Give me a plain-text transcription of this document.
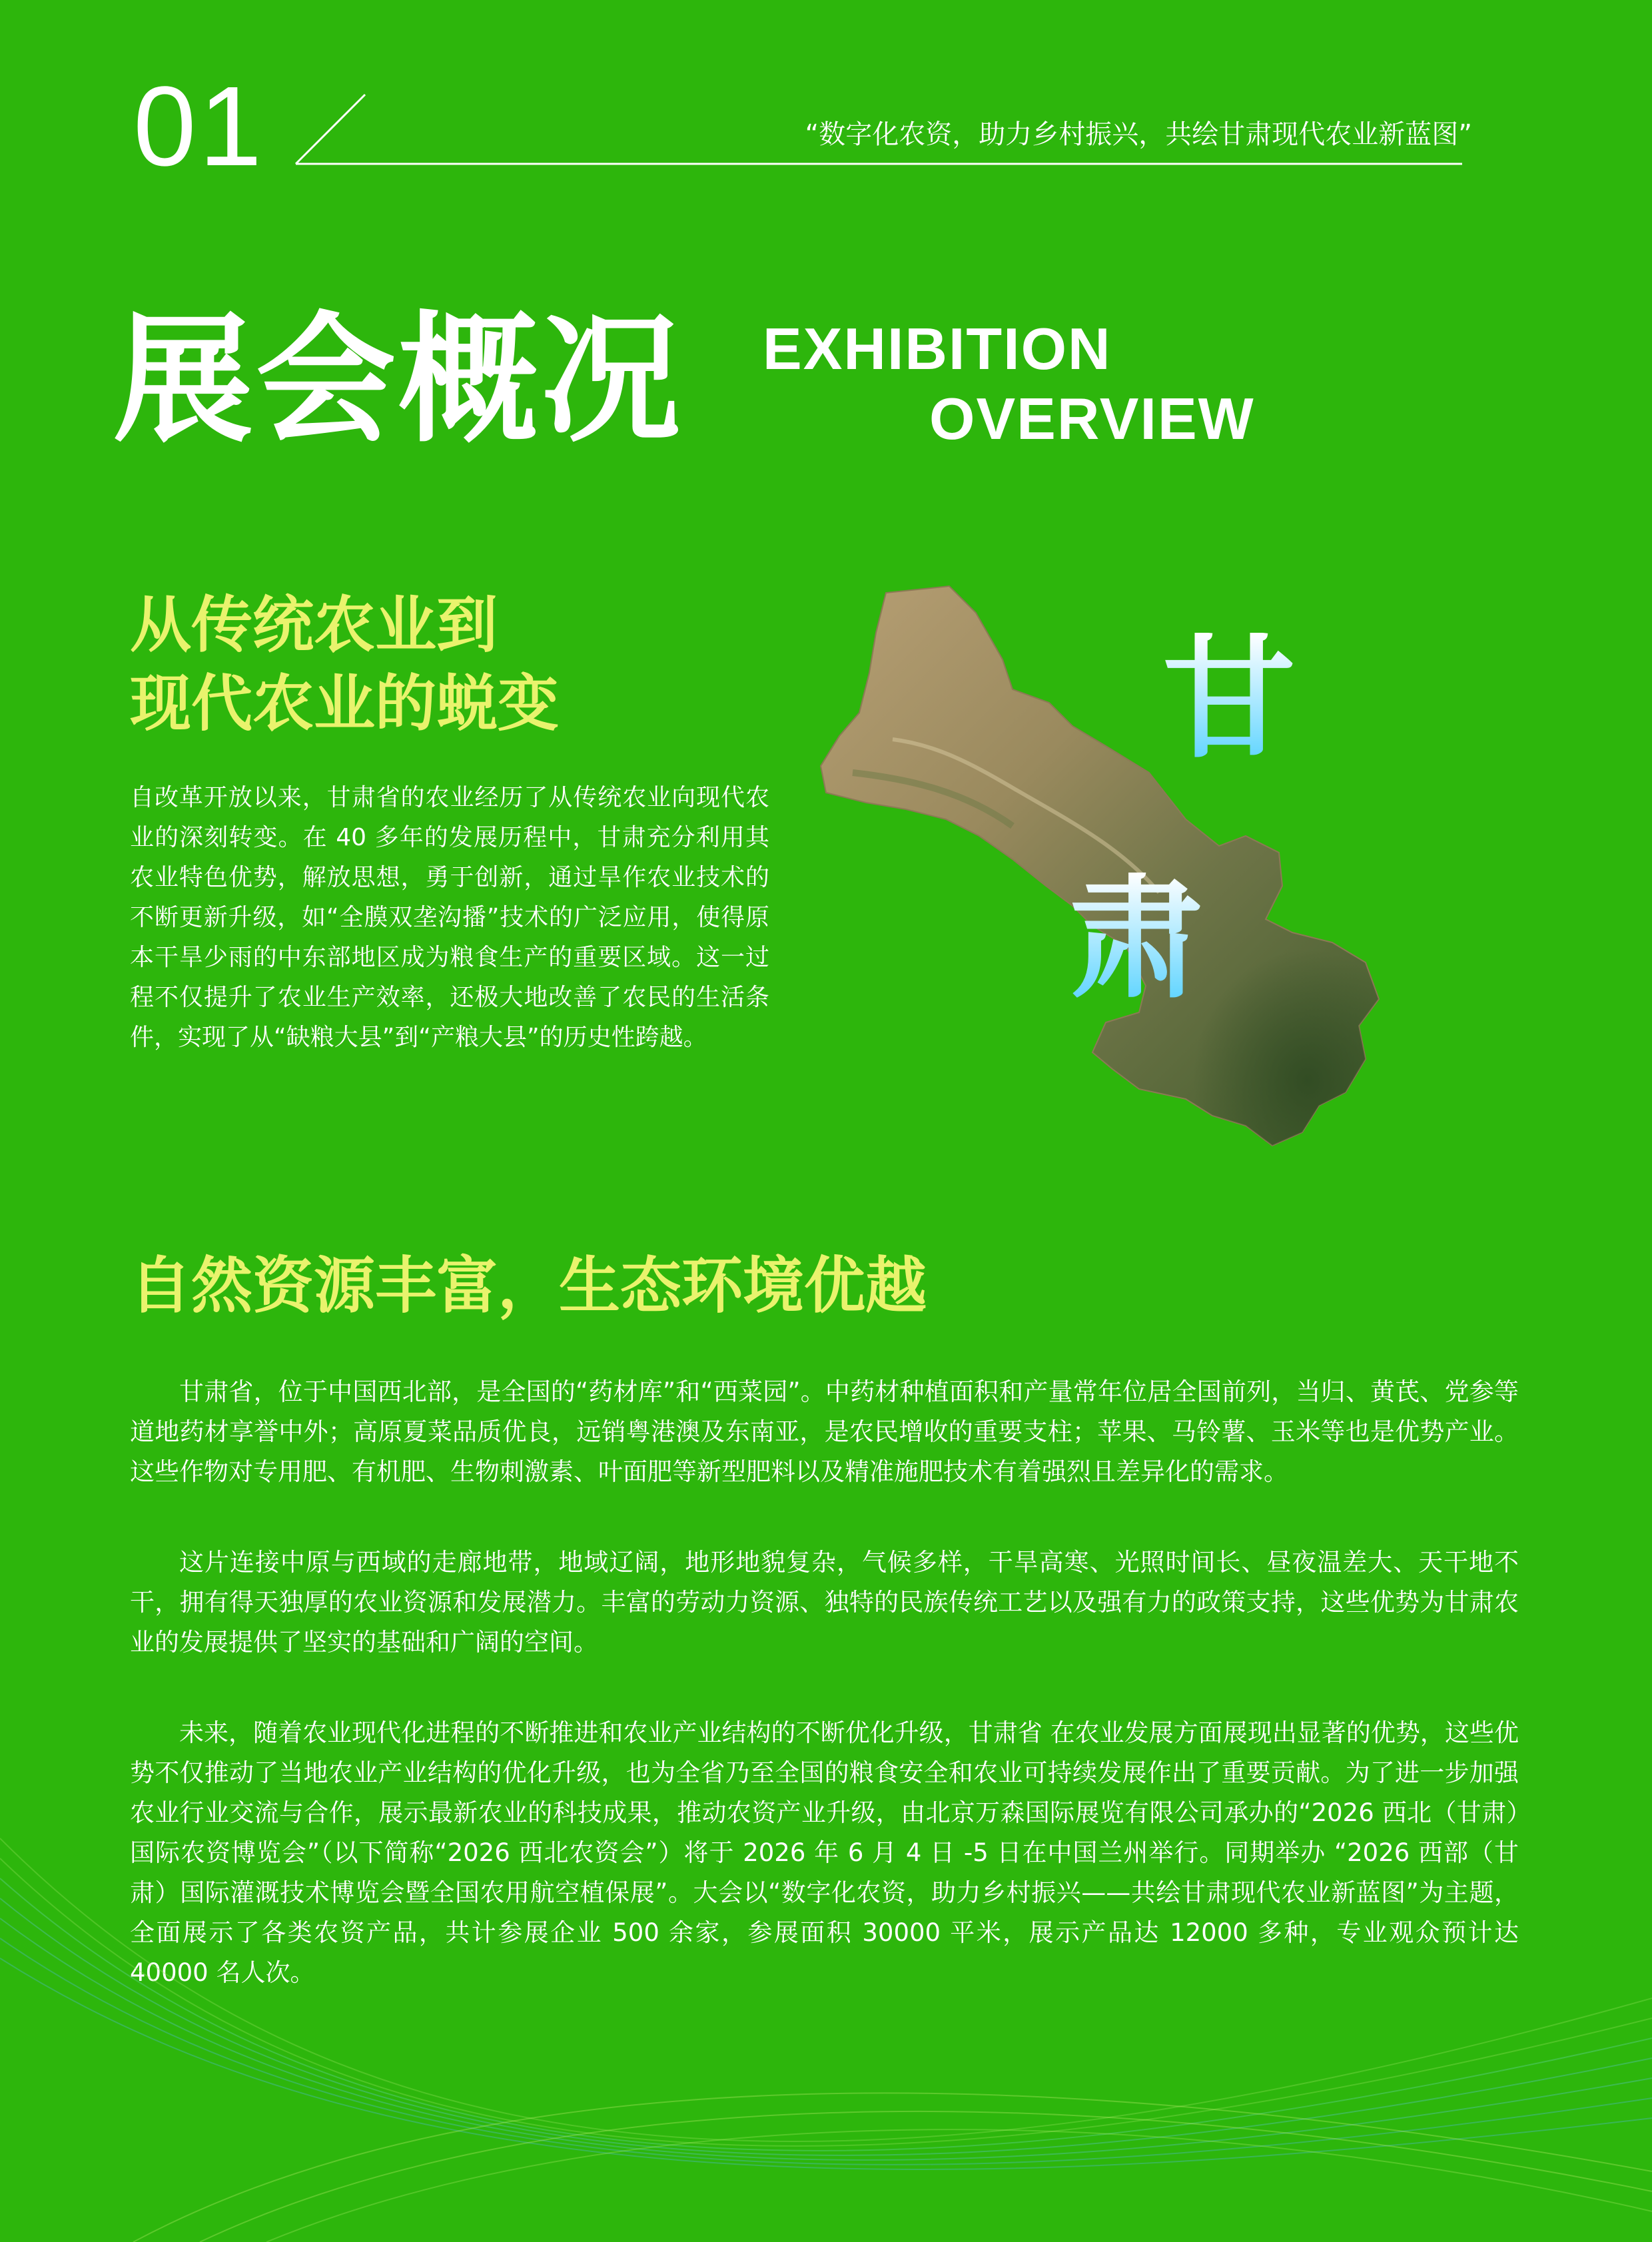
01	“数字化农资，助力乡村振兴，共绘甘肃现代农业新蓝图”
展会概况 EXHIBITION
OVERVIEW
从传统农业到
现代农业的蜕变
自改革开放以来，甘肃省的农业经历了从传统农业向现代农业的深刻转变。在 40 多年的发展历程中，甘肃充分利用其农业特色优势，解放思想，勇于创新，通过旱作农业技术的不断更新升级，如“全膜双垄沟播”技术的广泛应用，使得原本干旱少雨的中东部地区成为粮食生产的重要区域。这一过程不仅提升了农业生产效率，还极大地改善了农民的生活条件，实现了从“缺粮大县”到“产粮大县”的历史性跨越。
甘
肃
自然资源丰富，生态环境优越

甘肃省，位于中国西北部，是全国的“药材库”和“西菜园”。中药材种植面积和产量常年位居全国前列，当归、黄芪、党参等道地药材享誉中外；高原夏菜品质优良，远销粤港澳及东南亚，是农民增收的重要支柱；苹果、马铃薯、玉米等也是优势产业。这些作物对专用肥、有机肥、生物刺激素、叶面肥等新型肥料以及精准施肥技术有着强烈且差异化的需求。

这片连接中原与西域的走廊地带，地域辽阔，地形地貌复杂，气候多样，干旱高寒、光照时间长、昼夜温差大、天干地不干，拥有得天独厚的农业资源和发展潜力。丰富的劳动力资源、独特的民族传统工艺以及强有力的政策支持，这些优势为甘肃农业的发展提供了坚实的基础和广阔的空间。

未来，随着农业现代化进程的不断推进和农业产业结构的不断优化升级，甘肃省 在农业发展方面展现出显著的优势，这些优势不仅推动了当地农业产业结构的优化升级，也为全省乃至全国的粮食安全和农业可持续发展作出了重要贡献。为了进一步加强农业行业交流与合作，展示最新农业的科技成果，推动农资产业升级，由北京万森国际展览有限公司承办的“2026 西北（甘肃）国际农资博览会”（以下简称“2026 西北农资会”）将于 2026 年 6 月 4 日 -5 日在中国兰州举行。同期举办 “2026 西部（甘肃）国际灌溉技术博览会暨全国农用航空植保展”。大会以“数字化农资，助力乡村振兴——共绘甘肃现代农业新蓝图”为主题，全面展示了各类农资产品，共计参展企业 500 余家，参展面积 30000 平米，展示产品达 12000 多种，专业观众预计达 40000 名人次。
